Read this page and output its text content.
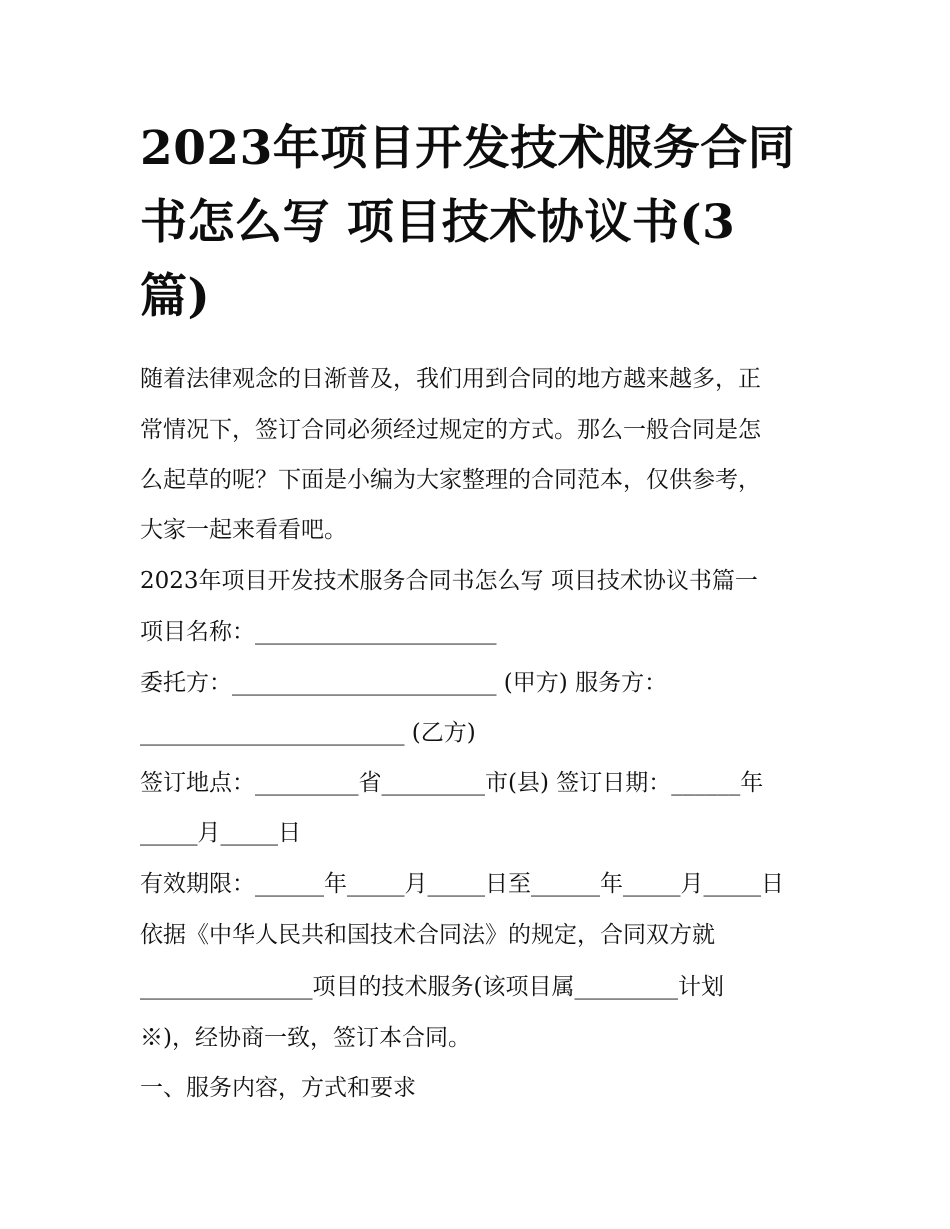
2023年项目开发技术服务合同
书怎么写 项目技术协议书(3
篇)
随着法律观念的日渐普及，我们用到合同的地方越来越多，正
常情况下，签订合同必须经过规定的方式。那么一般合同是怎
么起草的呢？下面是小编为大家整理的合同范本，仅供参考，
大家一起来看看吧。
2023年项目开发技术服务合同书怎么写 项目技术协议书篇一
项目名称：_____________________
委托方：_______________________ (甲方) 服务方：
_______________________ (乙方)
签订地点：_________省_________市(县) 签订日期：______年
_____月_____日
有效期限：______年_____月_____日至______年_____月_____日
依据《中华人民共和国技术合同法》的规定，合同双方就
_______________项目的技术服务(该项目属_________计划
※)，经协商一致，签订本合同。
一、服务内容，方式和要求
